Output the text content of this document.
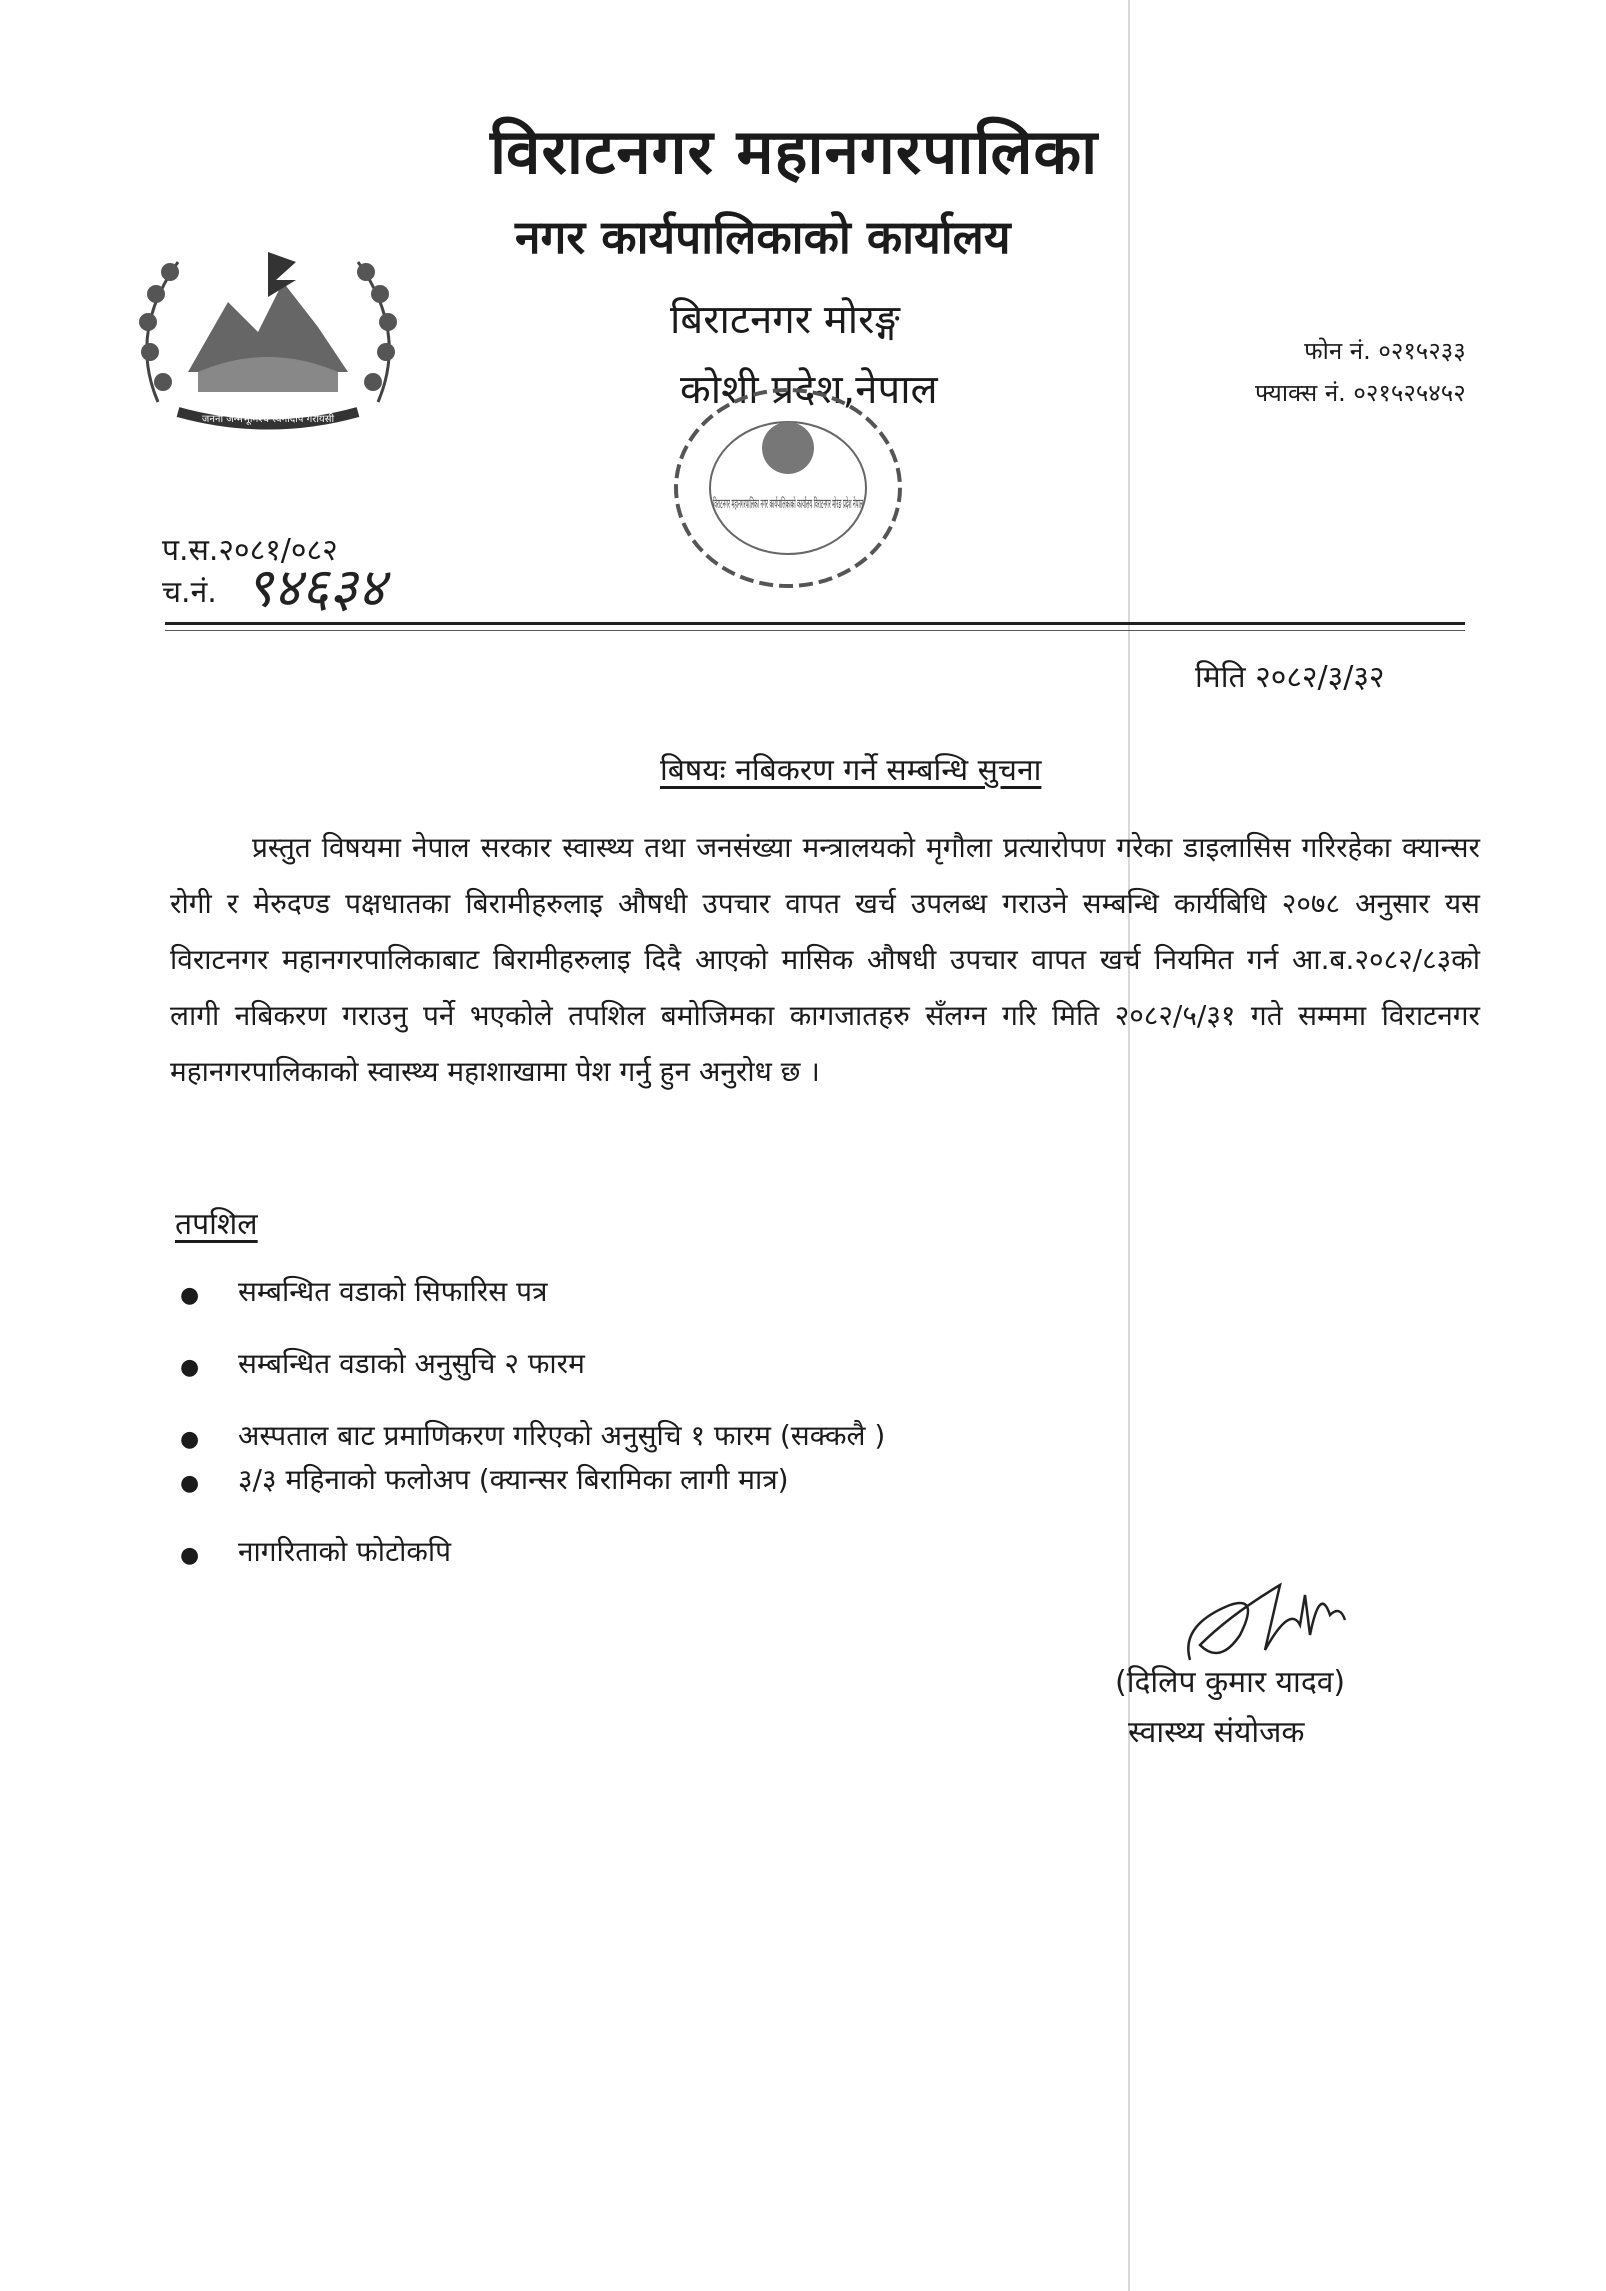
जननी जन्मभूमिश्च स्वर्गादपि गरीयसी
विराटनगर महानगरपालिका
नगर कार्यपालिकाको कार्यालय
बिराटनगर मोरङ्ग
कोशी प्रदेश,नेपाल
फोन नं. ०२१५२३३
फ्याक्स नं. ०२१५२५४५२
विराटनगर महानगरपालिका नगर कार्यपालिकाको कार्यालय विराटनगर मोरङ प्रदेश नेपाल
प.स.२०८१/०८२
च.नं. ९४६३४
मिति २०८२/३/३२
बिषयः नबिकरण गर्ने सम्बन्धि सुचना
प्रस्तुत विषयमा नेपाल सरकार स्वास्थ्य तथा जनसंख्या मन्त्रालयको मृगौला प्रत्यारोपण गरेका डाइलासिस गरिरहेका क्यान्सर रोगी र मेरुदण्ड पक्षधातका बिरामीहरुलाइ औषधी उपचार वापत खर्च उपलब्ध गराउने सम्बन्धि कार्यबिधि २०७८ अनुसार यस विराटनगर महानगरपालिकाबाट बिरामीहरुलाइ दिदै आएको मासिक औषधी उपचार वापत खर्च नियमित गर्न आ.ब.२०८२/८३को लागी नबिकरण गराउनु पर्ने भएकोले तपशिल बमोजिमका कागजातहरु सँलग्न गरि मिति २०८२/५/३१ गते सम्ममा विराटनगर महानगरपालिकाको स्वास्थ्य महाशाखामा पेश गर्नु हुन अनुरोध छ ।
तपशिल
● सम्बन्धित वडाको सिफारिस पत्र
● सम्बन्धित वडाको अनुसुचि २ फारम
● अस्पताल बाट प्रमाणिकरण गरिएको अनुसुचि १ फारम (सक्कलै )
● ३/३ महिनाको फलोअप (क्यान्सर बिरामिका लागी मात्र)
● नागरिताको फोटोकपि
(दिलिप कुमार यादव)
स्वास्थ्य संयोजक
